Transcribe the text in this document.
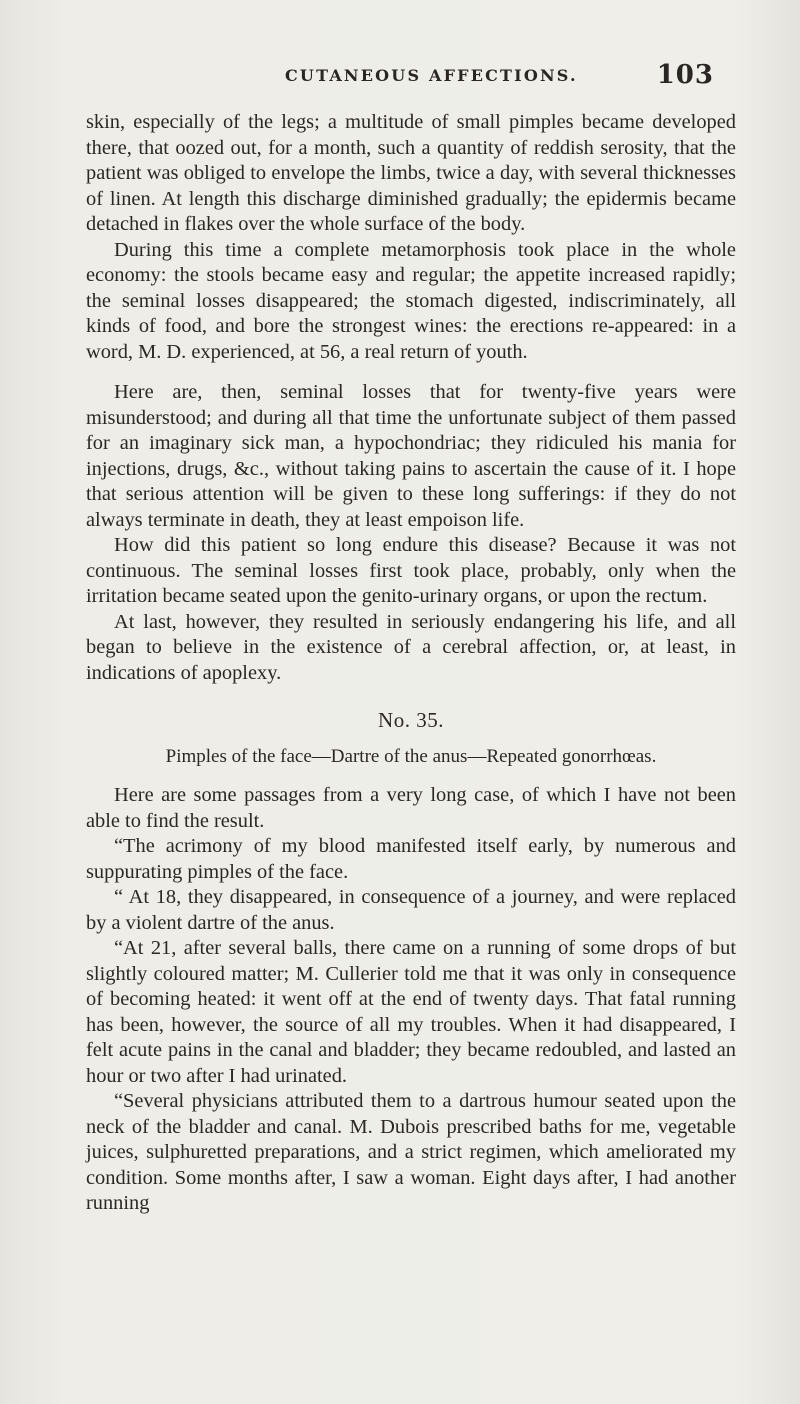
CUTANEOUS AFFECTIONS.	103

skin, especially of the legs; a multitude of small pimples became developed there, that oozed out, for a month, such a quantity of reddish serosity, that the patient was obliged to envelope the limbs, twice a day, with several thicknesses of linen. At length this discharge diminished gradually; the epidermis became detached in flakes over the whole surface of the body.

During this time a complete metamorphosis took place in the whole economy: the stools became easy and regular; the appetite increased rapidly; the seminal losses disappeared; the stomach digested, indiscriminately, all kinds of food, and bore the strongest wines: the erections re-appeared: in a word, M. D. experienced, at 56, a real return of youth.

Here are, then, seminal losses that for twenty-five years were misunderstood; and during all that time the unfortunate subject of them passed for an imaginary sick man, a hypochondriac; they ridiculed his mania for injections, drugs, &c., without taking pains to ascertain the cause of it. I hope that serious attention will be given to these long sufferings: if they do not always terminate in death, they at least empoison life.

How did this patient so long endure this disease? Because it was not continuous. The seminal losses first took place, probably, only when the irritation became seated upon the genito-urinary organs, or upon the rectum.

At last, however, they resulted in seriously endangering his life, and all began to believe in the existence of a cerebral affection, or, at least, in indications of apoplexy.

No. 35.
Pimples of the face—Dartre of the anus—Repeated gonorrhœas.

Here are some passages from a very long case, of which I have not been able to find the result.

“The acrimony of my blood manifested itself early, by numerous and suppurating pimples of the face.

“ At 18, they disappeared, in consequence of a journey, and were replaced by a violent dartre of the anus.

“At 21, after several balls, there came on a running of some drops of but slightly coloured matter; M. Cullerier told me that it was only in consequence of becoming heated: it went off at the end of twenty days. That fatal running has been, however, the source of all my troubles. When it had disappeared, I felt acute pains in the canal and bladder; they became redoubled, and lasted an hour or two after I had urinated.

“Several physicians attributed them to a dartrous humour seated upon the neck of the bladder and canal. M. Dubois prescribed baths for me, vegetable juices, sulphuretted preparations, and a strict regimen, which ameliorated my condition. Some months after, I saw a woman. Eight days after, I had another running
